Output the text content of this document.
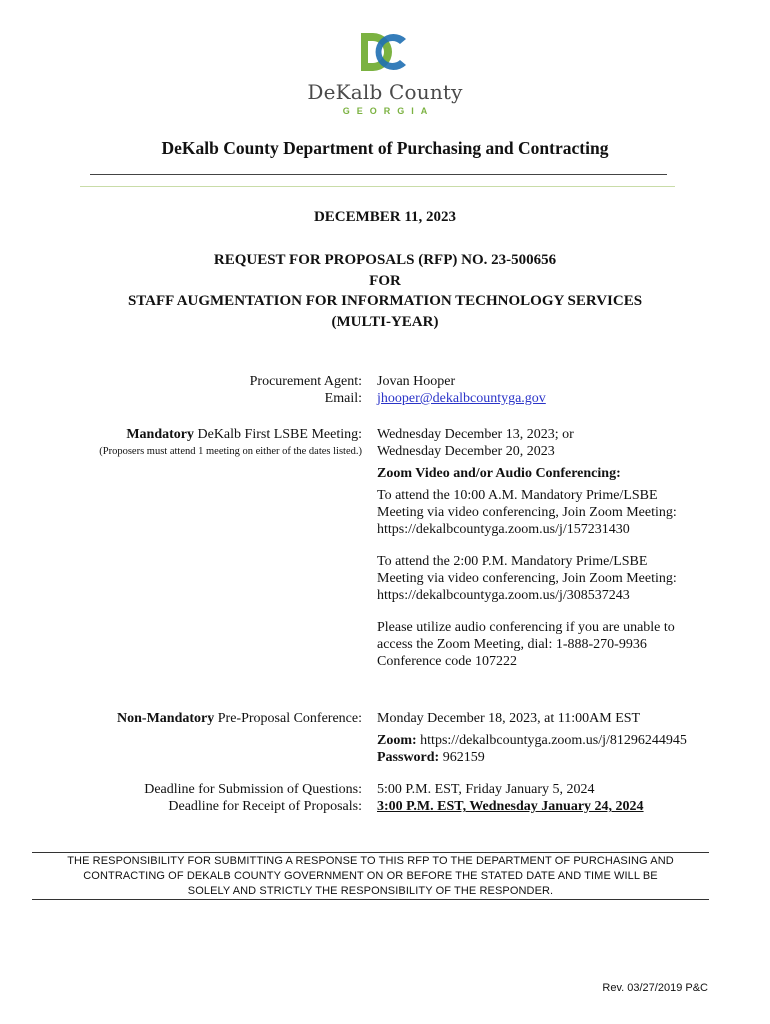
DeKalb County
GEORGIA
DeKalb County Department of Purchasing and Contracting
DECEMBER 11, 2023
REQUEST FOR PROPOSALS (RFP) NO. 23-500656
FOR
STAFF AUGMENTATION FOR INFORMATION TECHNOLOGY SERVICES
(MULTI-YEAR)
Procurement Agent:
Email:
Jovan Hooper
jhooper@dekalbcountyga.gov
Mandatory DeKalb First LSBE Meeting:
(Proposers must attend 1 meeting on either of the dates listed.)
Wednesday December 13, 2023; or
Wednesday December 20, 2023
Zoom Video and/or Audio Conferencing:
To attend the 10:00 A.M. Mandatory Prime/LSBE
Meeting via video conferencing, Join Zoom Meeting:
https://dekalbcountyga.zoom.us/j/157231430
To attend the 2:00 P.M. Mandatory Prime/LSBE
Meeting via video conferencing, Join Zoom Meeting:
https://dekalbcountyga.zoom.us/j/308537243
Please utilize audio conferencing if you are unable to
access the Zoom Meeting, dial: 1-888-270-9936
Conference code 107222
Non-Mandatory Pre-Proposal Conference: Monday December 18, 2023, at 11:00AM EST
Zoom: https://dekalbcountyga.zoom.us/j/81296244945
Password: 962159
Deadline for Submission of Questions:
Deadline for Receipt of Proposals:
5:00 P.M. EST, Friday January 5, 2024
3:00 P.M. EST, Wednesday January 24, 2024
THE RESPONSIBILITY FOR SUBMITTING A RESPONSE TO THIS RFP TO THE DEPARTMENT OF PURCHASING AND
CONTRACTING OF DEKALB COUNTY GOVERNMENT ON OR BEFORE THE STATED DATE AND TIME WILL BE
SOLELY AND STRICTLY THE RESPONSIBILITY OF THE RESPONDER.
Rev. 03/27/2019 P&C
